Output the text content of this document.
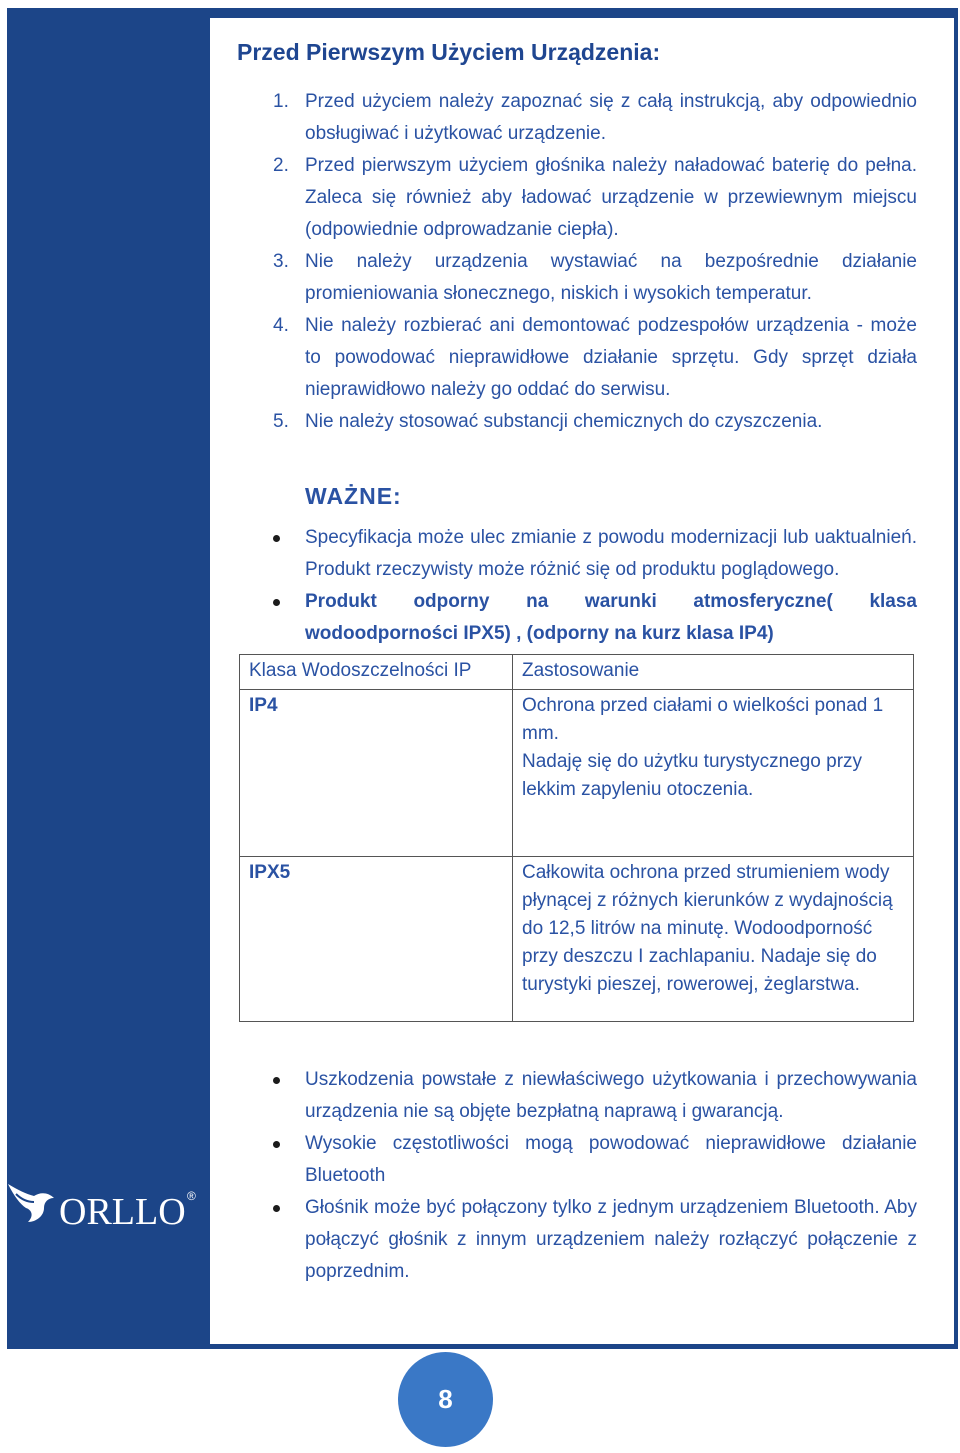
ORLLO ®
Przed Pierwszym Użyciem Urządzenia:
1. Przed użyciem należy zapoznać się z całą instrukcją, aby odpowiednio obsługiwać i użytkować urządzenie.
2. Przed pierwszym użyciem głośnika należy naładować baterię do pełna. Zaleca się również aby ładować urządzenie w przewiewnym miejscu (odpowiednie odprowadzanie ciepła).
3. Nie należy urządzenia wystawiać na bezpośrednie działanie promieniowania słonecznego, niskich i wysokich temperatur.
4. Nie należy rozbierać ani demontować podzespołów urządzenia - może to powodować nieprawidłowe działanie sprzętu. Gdy sprzęt działa nieprawidłowo należy go oddać do serwisu.
5. Nie należy stosować substancji chemicznych do czyszczenia.
WAŻNE:
Specyfikacja może ulec zmianie z powodu modernizacji lub uaktualnień. Produkt rzeczywisty może różnić się od produktu poglądowego.
Produkt odporny na warunki atmosferyczne( klasa wodoodporności IPX5) , (odporny na kurz klasa IP4)
Klasa Wodoszczelności IP	Zastosowanie
IP4	Ochrona przed ciałami o wielkości ponad 1 mm.
Nadaję się do użytku turystycznego przy lekkim zapyleniu otoczenia.

IPX5	Całkowita ochrona przed strumieniem wody płynącej z różnych kierunków z wydajnością do 12,5 litrów na minutę. Wodoodporność przy deszczu I zachlapaniu. Nadaje się do turystyki pieszej, rowerowej, żeglarstwa.
Uszkodzenia powstałe z niewłaściwego użytkowania i przechowywania urządzenia nie są objęte bezpłatną naprawą i gwarancją.
Wysokie częstotliwości mogą powodować nieprawidłowe działanie Bluetooth
Głośnik może być połączony tylko z jednym urządzeniem Bluetooth. Aby połączyć głośnik z innym urządzeniem należy rozłączyć połączenie z poprzednim.
8
